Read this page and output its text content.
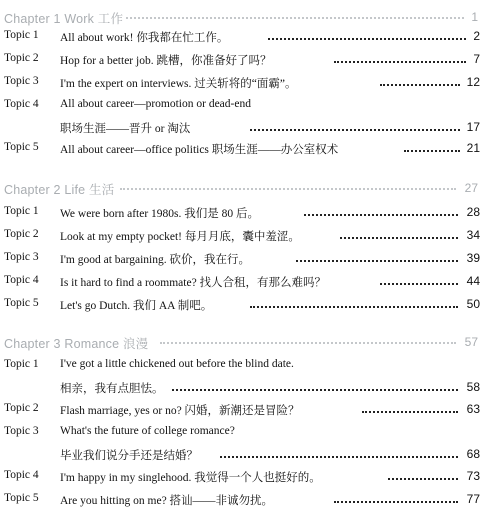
Chapter 1 Work 工作	1
Topic 1 All about work! 你我都在忙工作。	2
Topic 2 Hop for a better job. 跳槽，你准备好了吗？	7
Topic 3 I'm the expert on interviews. 过关斩将的“面霸”。	12
Topic 4 All about career—promotion or dead-end
职场生涯——晋升 or 淘汰	17
Topic 5 All about career—office politics 职场生涯——办公室权术	21
Chapter 2 Life 生活	27
Topic 1 We were born after 1980s. 我们是 80 后。	28
Topic 2 Look at my empty pocket! 每月月底，囊中羞涩。	34
Topic 3 I'm good at bargaining. 砍价，我在行。	39
Topic 4 Is it hard to find a roommate? 找人合租，有那么难吗？	44
Topic 5 Let's go Dutch. 我们 AA 制吧。	50
Chapter 3 Romance 浪漫	57
Topic 1 I've got a little chickened out before the blind date.
相亲，我有点胆怯。	58
Topic 2 Flash marriage, yes or no? 闪婚，新潮还是冒险？	63
Topic 3 What's the future of college romance?
毕业我们说分手还是结婚？	68
Topic 4 I'm happy in my singlehood. 我觉得一个人也挺好的。	73
Topic 5 Are you hitting on me? 搭讪——非诚勿扰。	77
